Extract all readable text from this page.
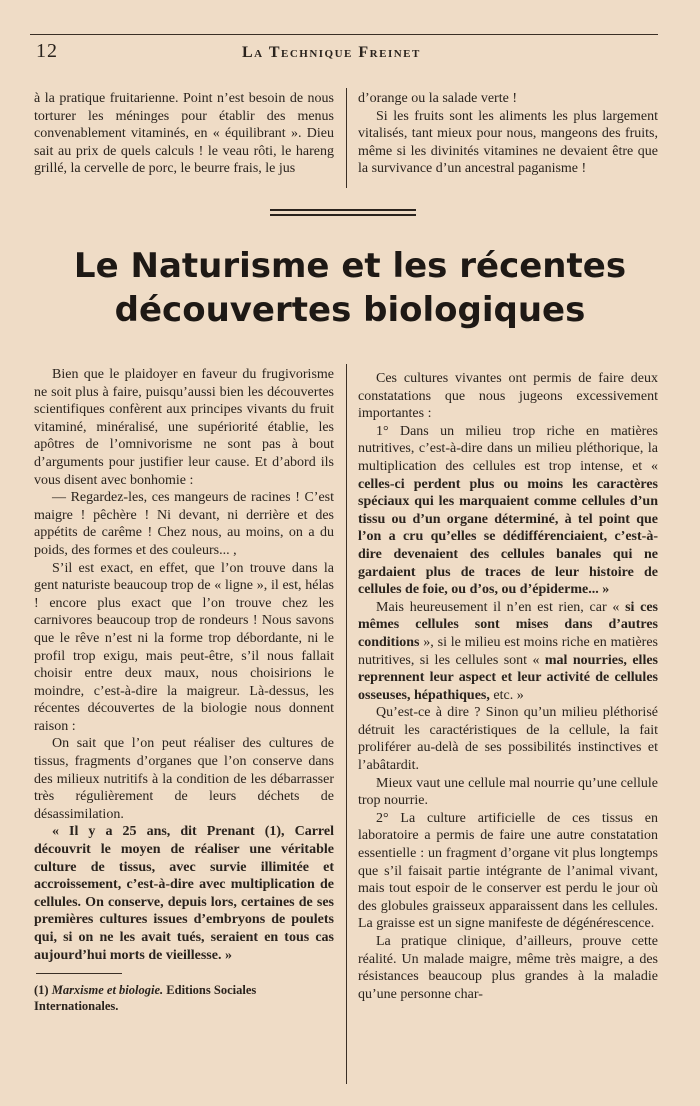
12	La Technique Freinet

à la pratique fruitarienne. Point n’est besoin de nous torturer les méninges pour établir des menus convenablement vitaminés, en « équilibrant ». Dieu sait au prix de quels calculs ! le veau rôti, le hareng grillé, la cervelle de porc, le beurre frais, le jus

d’orange ou la salade verte !

Si les fruits sont les aliments les plus largement vitalisés, tant mieux pour nous, mangeons des fruits, même si les divinités vitamines ne devaient être que la survivance d’un ancestral paganisme !

Le Naturisme et les récentes
découvertes biologiques

Bien que le plaidoyer en faveur du frugivorisme ne soit plus à faire, puisqu’aussi bien les découvertes scientifiques confèrent aux principes vivants du fruit vitaminé, minéralisé, une supériorité établie, les apôtres de l’omnivorisme ne sont pas à bout d’arguments pour justifier leur cause. Et d’abord ils vous disent avec bonhomie :

— Regardez-les, ces mangeurs de racines ! C’est maigre ! pêchère ! Ni devant, ni derrière et des appétits de carême ! Chez nous, au moins, on a du poids, des formes et des couleurs... ,

S’il est exact, en effet, que l’on trouve dans la gent naturiste beaucoup trop de « ligne », il est, hélas ! encore plus exact que l’on trouve chez les carnivores beaucoup trop de rondeurs ! Nous savons que le rêve n’est ni la forme trop débordante, ni le profil trop exigu, mais peut-être, s’il nous fallait choisir entre deux maux, nous choisirions le moindre, c’est-à-dire la maigreur. Là-dessus, les récentes découvertes de la biologie nous donnent raison :

On sait que l’on peut réaliser des cultures de tissus, fragments d’organes que l’on conserve dans des milieux nutritifs à la condition de les débarrasser très régulièrement de leurs déchets de désassimilation.

« Il y a 25 ans, dit Prenant (1), Carrel découvrit le moyen de réaliser une véritable culture de tissus, avec survie illimitée et accroissement, c’est-à-dire avec multiplication de cellules. On conserve, depuis lors, certaines de ses premières cultures issues d’embryons de poulets qui, si on ne les avait tués, seraient en tous cas aujourd’hui morts de vieillesse. »

(1) Marxisme et biologie. Editions Sociales Internationales.

Ces cultures vivantes ont permis de faire deux constatations que nous jugeons excessivement importantes :

1° Dans un milieu trop riche en matières nutritives, c’est-à-dire dans un milieu pléthorique, la multiplication des cellules est trop intense, et « celles-ci perdent plus ou moins les caractères spéciaux qui les marquaient comme cellules d’un tissu ou d’un organe déterminé, à tel point que l’on a cru qu’elles se dédifférenciaient, c’est-à-dire devenaient des cellules banales qui ne gardaient plus de traces de leur histoire de cellules de foie, ou d’os, ou d’épiderme... »

Mais heureusement il n’en est rien, car « si ces mêmes cellules sont mises dans d’autres conditions », si le milieu est moins riche en matières nutritives, si les cellules sont « mal nourries, elles reprennent leur aspect et leur activité de cellules osseuses, hépathiques, etc. »

Qu’est-ce à dire ? Sinon qu’un milieu pléthorisé détruit les caractéristiques de la cellule, la fait proliférer au-delà de ses possibilités instinctives et l’abâtardit.

Mieux vaut une cellule mal nourrie qu’une cellule trop nourrie.

2° La culture artificielle de ces tissus en laboratoire a permis de faire une autre constatation essentielle : un fragment d’organe vit plus longtemps que s’il faisait partie intégrante de l’animal vivant, mais tout espoir de le conserver est perdu le jour où des globules graisseux apparaissent dans les cellules. La graisse est un signe manifeste de dégénérescence.

La pratique clinique, d’ailleurs, prouve cette réalité. Un malade maigre, même très maigre, a des résistances beaucoup plus grandes à la maladie qu’une personne char-
